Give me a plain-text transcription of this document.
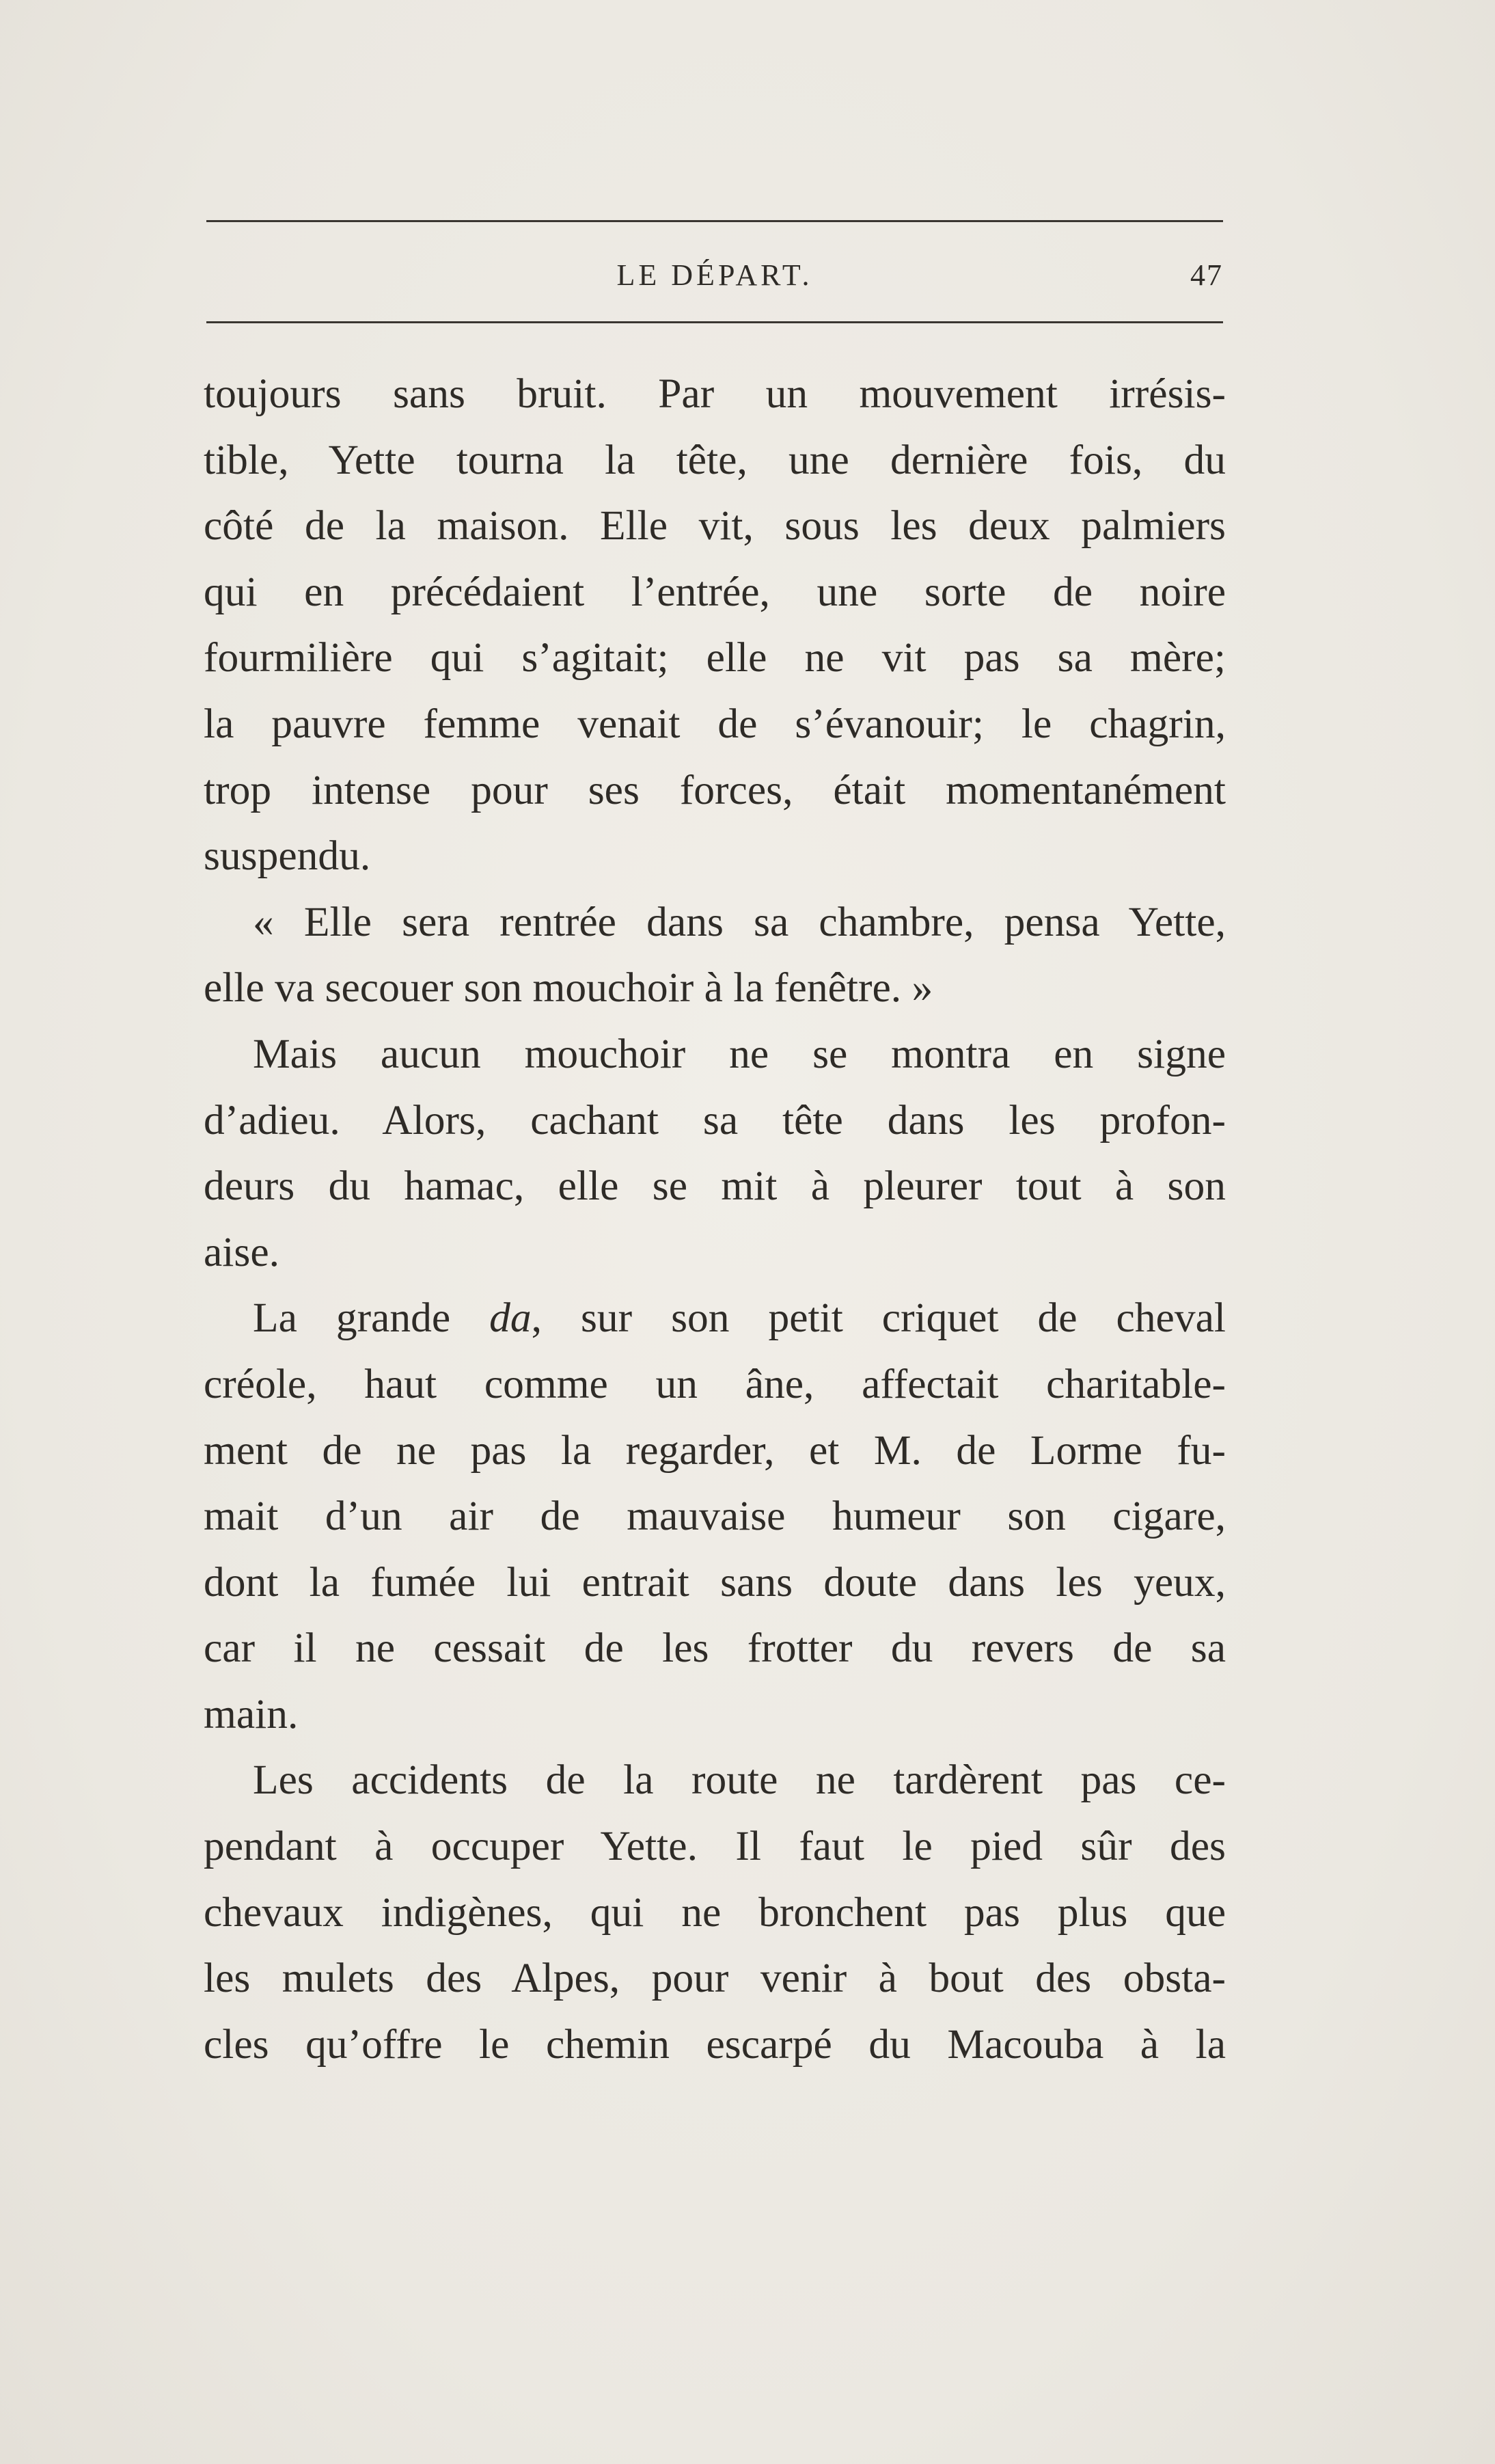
LE DÉPART.	47
toujours sans bruit. Par un mouvement irrésis-
tible, Yette tourna la tête, une dernière fois, du
côté de la maison. Elle vit, sous les deux palmiers
qui en précédaient l’entrée, une sorte de noire
fourmilière qui s’agitait; elle ne vit pas sa mère;
la pauvre femme venait de s’évanouir; le chagrin,
trop intense pour ses forces, était momentanément
suspendu.
« Elle sera rentrée dans sa chambre, pensa Yette,
elle va secouer son mouchoir à la fenêtre. »
Mais aucun mouchoir ne se montra en signe
d’adieu. Alors, cachant sa tête dans les profon-
deurs du hamac, elle se mit à pleurer tout à son
aise.
La grande da, sur son petit criquet de cheval
créole, haut comme un âne, affectait charitable-
ment de ne pas la regarder, et M. de Lorme fu-
mait d’un air de mauvaise humeur son cigare,
dont la fumée lui entrait sans doute dans les yeux,
car il ne cessait de les frotter du revers de sa
main.
Les accidents de la route ne tardèrent pas ce-
pendant à occuper Yette. Il faut le pied sûr des
chevaux indigènes, qui ne bronchent pas plus que
les mulets des Alpes, pour venir à bout des obsta-
cles qu’offre le chemin escarpé du Macouba à la
